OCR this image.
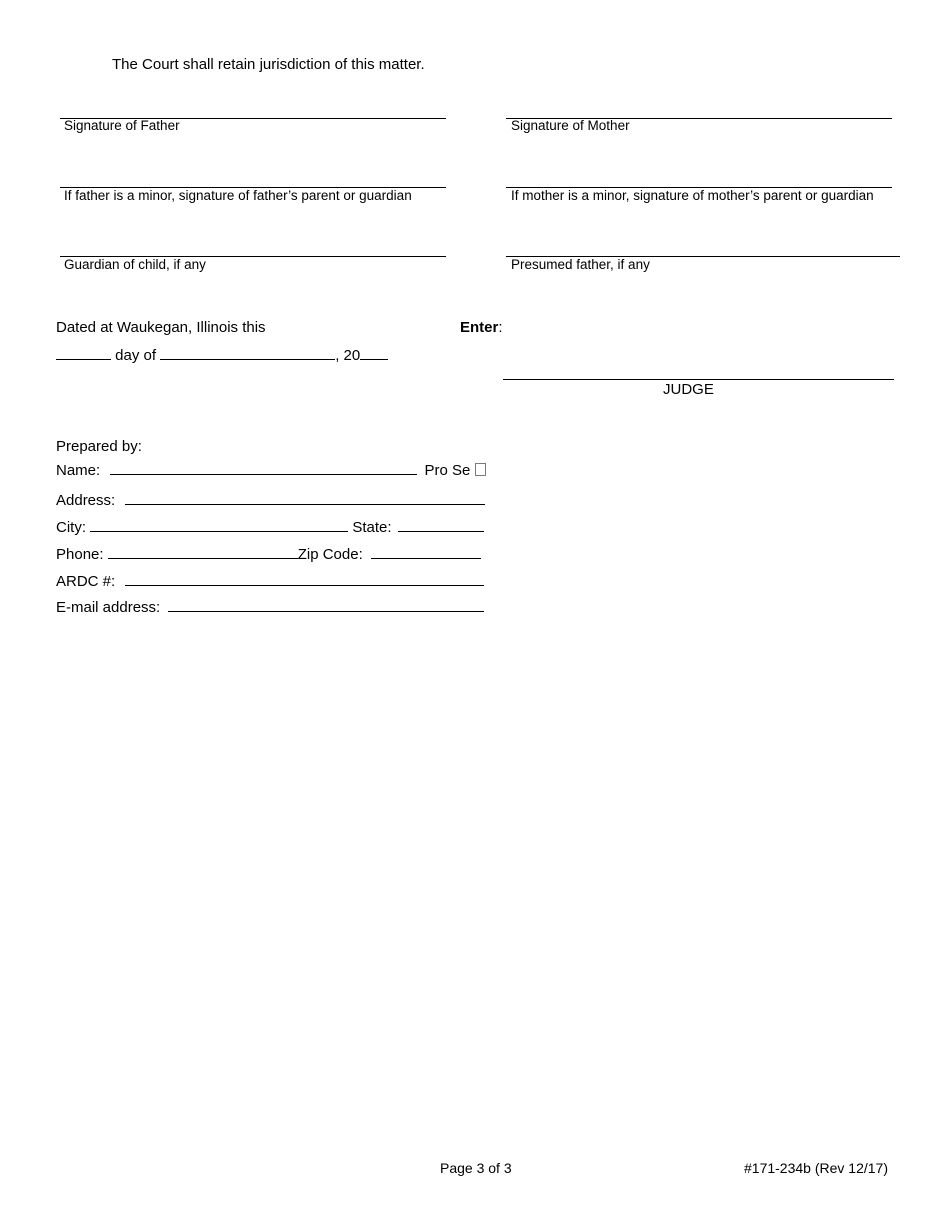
The Court shall retain jurisdiction of this matter.
Signature of Father	Signature of Mother
If father is a minor, signature of father’s parent or guardian	If mother is a minor, signature of mother’s parent or guardian
Guardian of child, if any	Presumed father, if any
Dated at Waukegan, Illinois this
day of	, 20
Enter:
JUDGE
Prepared by:
Name:	Pro Se
Address:
City:	State:
Phone:	Zip Code:
ARDC #:
E-mail address:
Page 3 of 3	#171-234b (Rev 12/17)
